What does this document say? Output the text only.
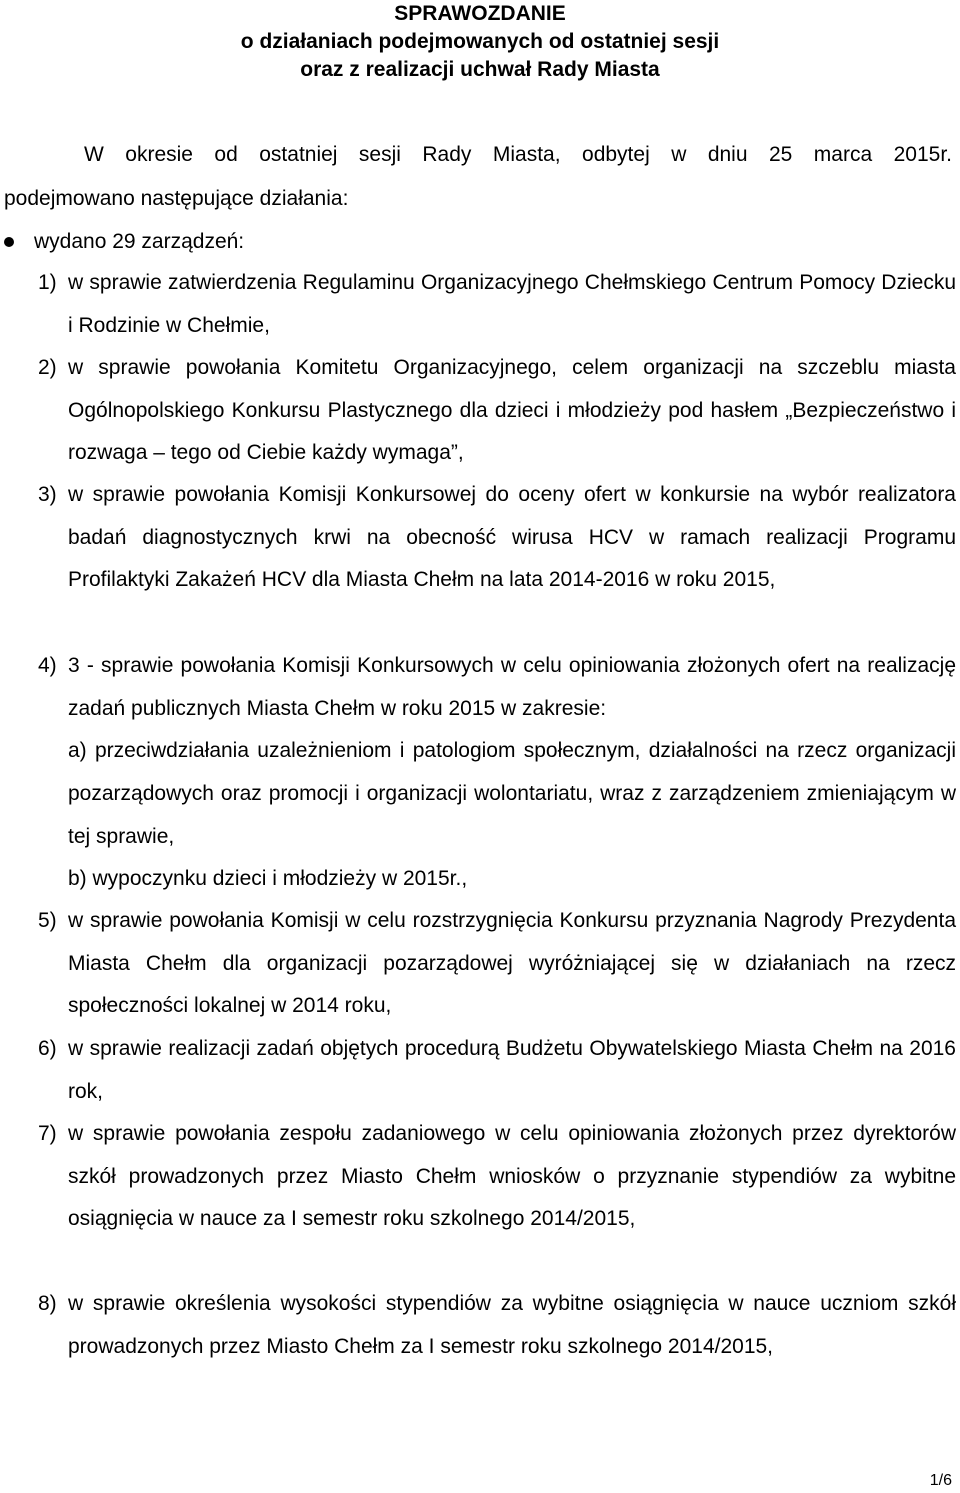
SPRAWOZDANIE
o działaniach podejmowanych od ostatniej sesji
oraz z realizacji uchwał Rady Miasta
W okresie od ostatniej sesji Rady Miasta, odbytej w dniu 25 marca 2015r.
podejmowano następujące działania:
wydano 29 zarządzeń:
1) w sprawie zatwierdzenia Regulaminu Organizacyjnego Chełmskiego Centrum Pomocy Dziecku i Rodzinie w Chełmie,
2) w sprawie powołania Komitetu Organizacyjnego, celem organizacji na szczeblu miasta Ogólnopolskiego Konkursu Plastycznego dla dzieci i młodzieży pod hasłem „Bezpieczeństwo i rozwaga – tego od Ciebie każdy wymaga”,
3) w sprawie powołania Komisji Konkursowej do oceny ofert w konkursie na wybór realizatora badań diagnostycznych krwi na obecność wirusa HCV w ramach realizacji Programu Profilaktyki Zakażeń HCV dla Miasta Chełm na lata 2014-2016 w roku 2015,
4) 3 - sprawie powołania Komisji Konkursowych w celu opiniowania złożonych ofert na realizację zadań publicznych Miasta Chełm w roku 2015 w zakresie:
a) przeciwdziałania uzależnieniom i patologiom społecznym, działalności na rzecz organizacji pozarządowych oraz promocji i organizacji wolontariatu, wraz z zarządzeniem zmieniającym w tej sprawie,
b) wypoczynku dzieci i młodzieży w 2015r.,
5) w sprawie powołania Komisji w celu rozstrzygnięcia Konkursu przyznania Nagrody Prezydenta Miasta Chełm dla organizacji pozarządowej wyróżniającej się w działaniach na rzecz społeczności lokalnej w 2014 roku,
6) w sprawie realizacji zadań objętych procedurą Budżetu Obywatelskiego Miasta Chełm na 2016 rok,
7) w sprawie powołania zespołu zadaniowego w celu opiniowania złożonych przez dyrektorów szkół prowadzonych przez Miasto Chełm wniosków o przyznanie stypendiów za wybitne osiągnięcia w nauce za I semestr roku szkolnego 2014/2015,
8) w sprawie określenia wysokości stypendiów za wybitne osiągnięcia w nauce uczniom szkół prowadzonych przez Miasto Chełm za I semestr roku szkolnego 2014/2015,
1/6
